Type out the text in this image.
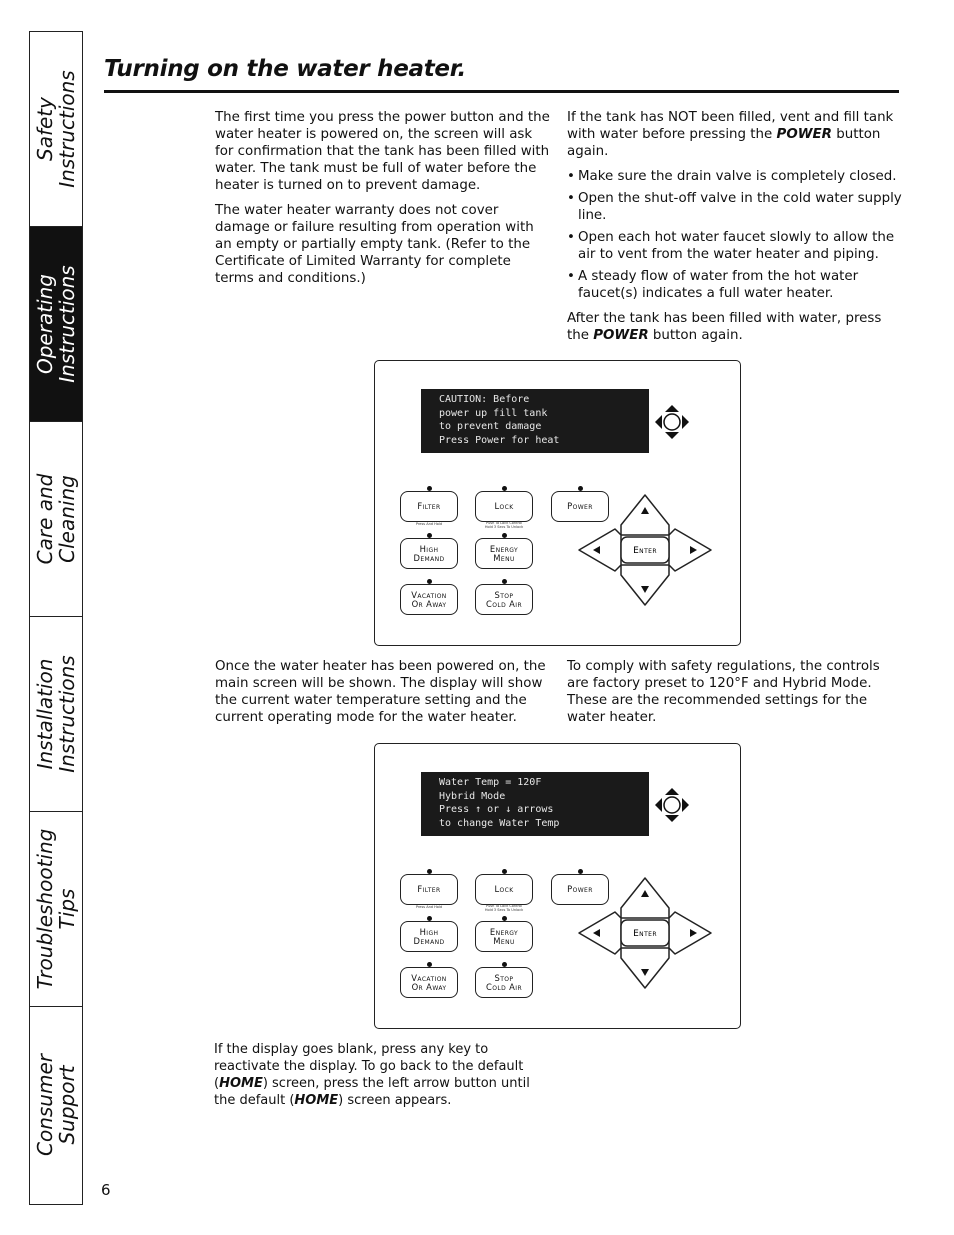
Safety
Instructions
Operating
Instructions
Care and
Cleaning
Installation
Instructions
Troubleshooting
Tips
Consumer
Support
Turning on the water heater.

The first time you press the power button and the water heater is powered on, the screen will ask for confirmation that the tank has been filled with water. The tank must be full of water before the heater is turned on to prevent damage.

The water heater warranty does not cover damage or failure resulting from operation with an empty or partially empty tank. (Refer to the Certificate of Limited Warranty for complete terms and conditions.)

If the tank has NOT been filled, vent and fill tank with water before pressing the POWER button again.

• Make sure the drain valve is completely closed.
• Open the shut-off valve in the cold water supply line.
• Open each hot water faucet slowly to allow the air to vent from the water heater and piping.
• A steady flow of water from the hot water faucet(s) indicates a full water heater.

After the tank has been filled with water, press the POWER button again.

CAUTION: Before
power up fill tank
to prevent damage
Press Power for heat
Filter
Press And Hold
Lock
Push To Lock Control
Hold 3 Secs To Unlock
Power
High
Demand
Energy
Menu
Vacation
Or Away
Stop
Cold Air
Enter
Once the water heater has been powered on, the main screen will be shown. The display will show the current water temperature setting and the current operating mode for the water heater.
To comply with safety regulations, the controls are factory preset to 120°F and Hybrid Mode. These are the recommended settings for the water heater.
Water Temp = 120F
Hybrid Mode
Press ↑ or ↓ arrows
to change Water Temp
Filter
Press And Hold
Lock
Push To Lock Control
Hold 3 Secs To Unlock
Power
High
Demand
Energy
Menu
Vacation
Or Away
Stop
Cold Air
Enter
If the display goes blank, press any key to reactivate the display. To go back to the default (HOME) screen, press the left arrow button until the default (HOME) screen appears.
6
